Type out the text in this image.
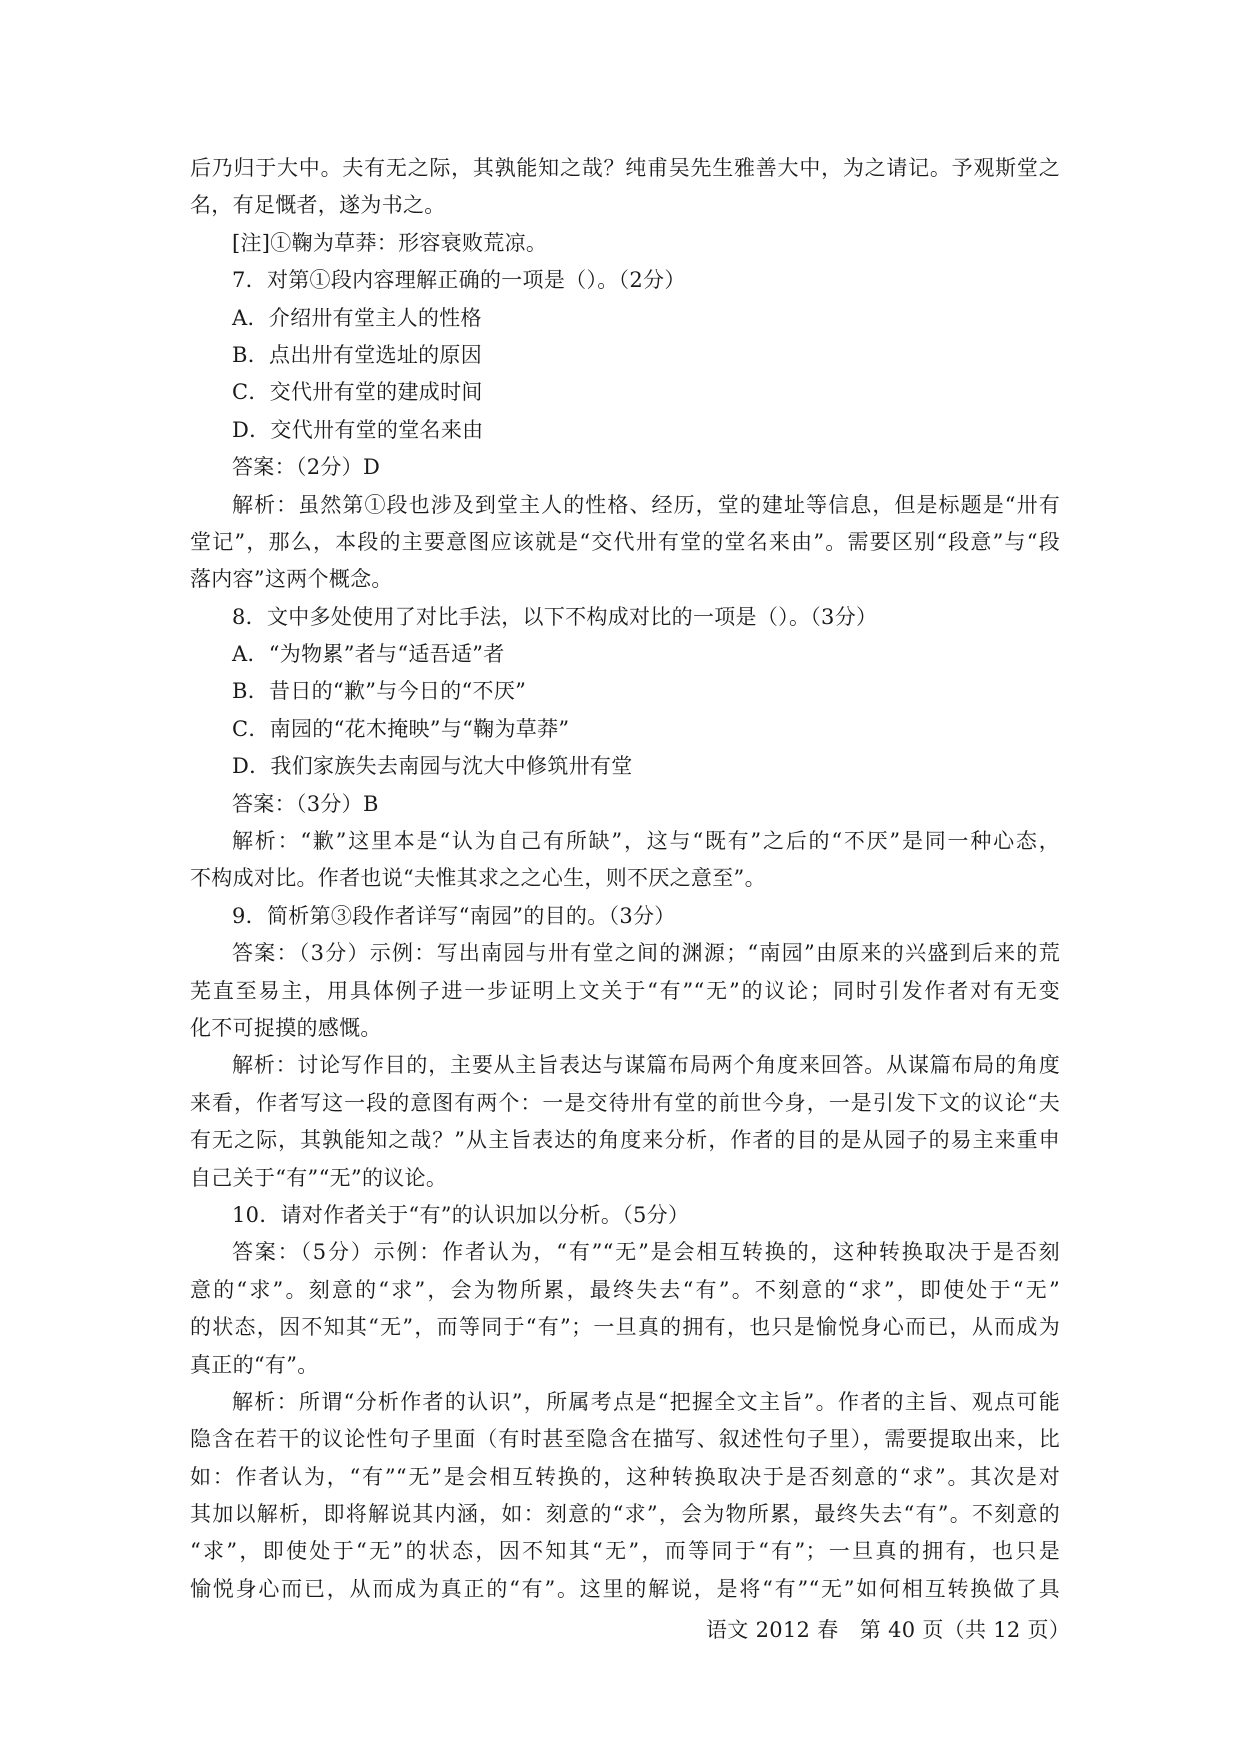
后乃归于大中。夫有无之际，其孰能知之哉？纯甫吴先生雅善大中，为之请记。予观斯堂之
名，有足慨者，遂为书之。
[注]①鞠为草莽：形容衰败荒凉。
7．对第①段内容理解正确的一项是（）。（2分）
A．介绍卅有堂主人的性格
B．点出卅有堂选址的原因
C．交代卅有堂的建成时间
D．交代卅有堂的堂名来由
答案：（2分）D
解析：虽然第①段也涉及到堂主人的性格、经历，堂的建址等信息，但是标题是“卅有
堂记”，那么，本段的主要意图应该就是“交代卅有堂的堂名来由”。需要区别“段意”与“段
落内容”这两个概念。
8．文中多处使用了对比手法，以下不构成对比的一项是（）。（3分）
A．“为物累”者与“适吾适”者
B．昔日的“歉”与今日的“不厌”
C．南园的“花木掩映”与“鞠为草莽”
D．我们家族失去南园与沈大中修筑卅有堂
答案：（3分）B
解析：“歉”这里本是“认为自己有所缺”，这与“既有”之后的“不厌”是同一种心态，
不构成对比。作者也说“夫惟其求之之心生，则不厌之意至”。
9．简析第③段作者详写“南园”的目的。（3分）
答案：（3分）示例：写出南园与卅有堂之间的渊源；“南园”由原来的兴盛到后来的荒
芜直至易主，用具体例子进一步证明上文关于“有”“无”的议论；同时引发作者对有无变
化不可捉摸的感慨。
解析：讨论写作目的，主要从主旨表达与谋篇布局两个角度来回答。从谋篇布局的角度
来看，作者写这一段的意图有两个：一是交待卅有堂的前世今身，一是引发下文的议论“夫
有无之际，其孰能知之哉？”从主旨表达的角度来分析，作者的目的是从园子的易主来重申
自己关于“有”“无”的议论。
10．请对作者关于“有”的认识加以分析。（5分）
答案：（5分）示例：作者认为，“有”“无”是会相互转换的，这种转换取决于是否刻
意的“求”。刻意的“求”，会为物所累，最终失去“有”。不刻意的“求”，即使处于“无”
的状态，因不知其“无”，而等同于“有”；一旦真的拥有，也只是愉悦身心而已，从而成为
真正的“有”。
解析：所谓“分析作者的认识”，所属考点是“把握全文主旨”。作者的主旨、观点可能
隐含在若干的议论性句子里面（有时甚至隐含在描写、叙述性句子里），需要提取出来，比
如：作者认为，“有”“无”是会相互转换的，这种转换取决于是否刻意的“求”。其次是对
其加以解析，即将解说其内涵，如：刻意的“求”，会为物所累，最终失去“有”。不刻意的
“求”，即使处于“无”的状态，因不知其“无”，而等同于“有”；一旦真的拥有，也只是
愉悦身心而已，从而成为真正的“有”。这里的解说，是将“有”“无”如何相互转换做了具
语文 2012 春　第 40 页（共 12 页）
